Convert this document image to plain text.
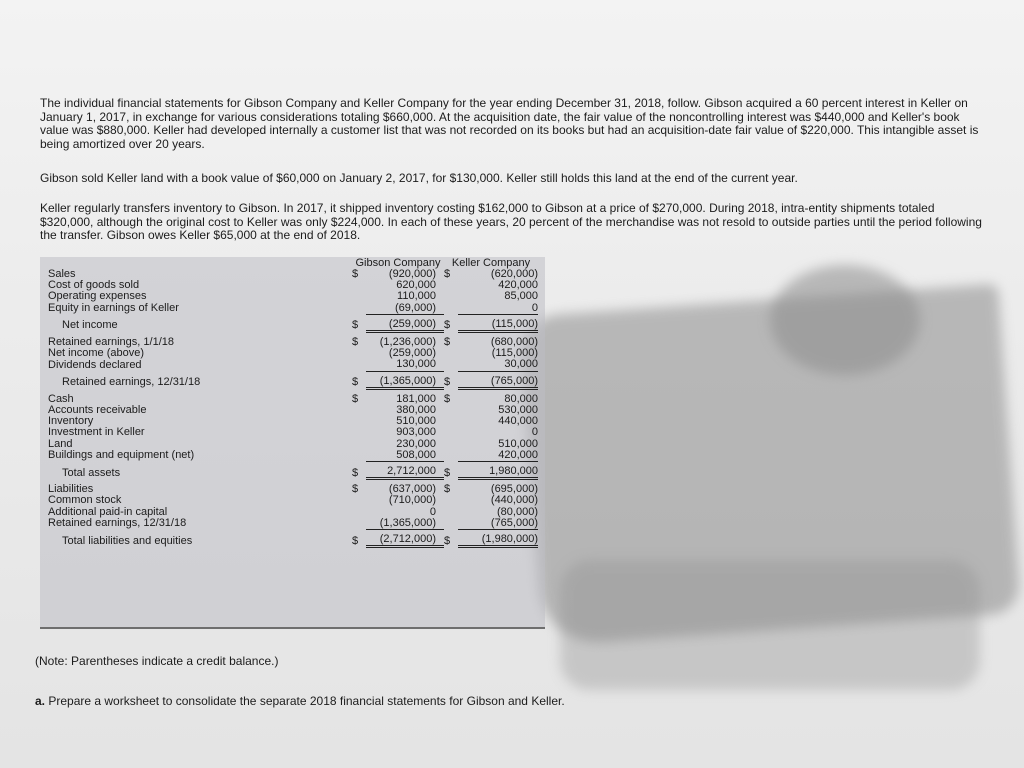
The individual financial statements for Gibson Company and Keller Company for the year ending December 31, 2018, follow. Gibson acquired a 60 percent interest in Keller on January 1, 2017, in exchange for various considerations totaling $660,000. At the acquisition date, the fair value of the noncontrolling interest was $440,000 and Keller's book value was $880,000. Keller had developed internally a customer list that was not recorded on its books but had an acquisition-date fair value of $220,000. This intangible asset is being amortized over 20 years.

Gibson sold Keller land with a book value of $60,000 on January 2, 2017, for $130,000. Keller still holds this land at the end of the current year.

Keller regularly transfers inventory to Gibson. In 2017, it shipped inventory costing $162,000 to Gibson at a price of $270,000. During 2018, intra-entity shipments totaled $320,000, although the original cost to Keller was only $224,000. In each of these years, 20 percent of the merchandise was not resold to outside parties until the period following the transfer. Gibson owes Keller $65,000 at the end of 2018.

	Gibson Company		Keller Company	
Sales	$	(920,000)	$	(620,000)
Cost of goods sold		620,000		420,000
Operating expenses		110,000		85,000
Equity in earnings of Keller		(69,000)		0
Net income	$	(259,000)	$	(115,000)
Retained earnings, 1/1/18	$	(1,236,000)	$	(680,000)
Net income (above)		(259,000)		(115,000)
Dividends declared		130,000		30,000
Retained earnings, 12/31/18	$	(1,365,000)	$	(765,000)
Cash	$	181,000	$	80,000
Accounts receivable		380,000		530,000
Inventory		510,000		440,000
Investment in Keller		903,000		0
Land		230,000		510,000
Buildings and equipment (net)		508,000		420,000
Total assets	$	2,712,000	$	1,980,000
Liabilities	$	(637,000)	$	(695,000)
Common stock		(710,000)		(440,000)
Additional paid-in capital		0		(80,000)
Retained earnings, 12/31/18		(1,365,000)		(765,000)
Total liabilities and equities	$	(2,712,000)	$	(1,980,000)
(Note: Parentheses indicate a credit balance.)
a. Prepare a worksheet to consolidate the separate 2018 financial statements for Gibson and Keller.
